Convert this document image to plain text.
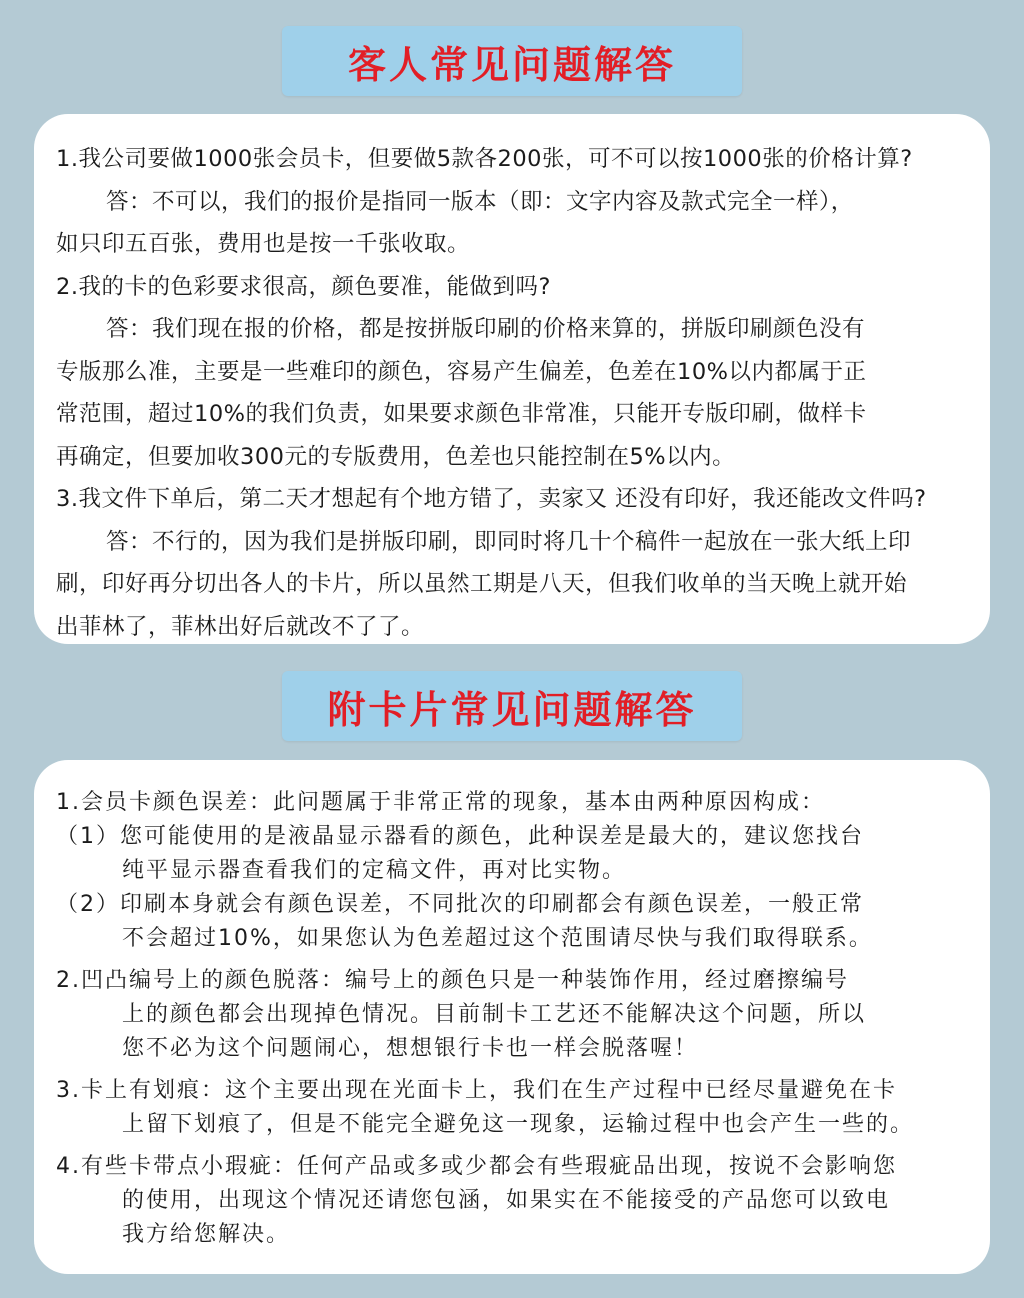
客人常见问题解答
1.我公司要做1000张会员卡，但要做5款各200张，可不可以按1000张的价格计算?
答：不可以，我们的报价是指同一版本（即：文字内容及款式完全一样），
如只印五百张，费用也是按一千张收取。
2.我的卡的色彩要求很高，颜色要准，能做到吗?
答：我们现在报的价格，都是按拼版印刷的价格来算的，拼版印刷颜色没有
专版那么准，主要是一些难印的颜色，容易产生偏差，色差在10%以内都属于正
常范围，超过10%的我们负责，如果要求颜色非常准，只能开专版印刷，做样卡
再确定，但要加收300元的专版费用，色差也只能控制在5%以内。
3.我文件下单后，第二天才想起有个地方错了，卖家又 还没有印好，我还能改文件吗?
答：不行的，因为我们是拼版印刷，即同时将几十个稿件一起放在一张大纸上印
刷，印好再分切出各人的卡片，所以虽然工期是八天，但我们收单的当天晚上就开始
出菲林了，菲林出好后就改不了了。
附卡片常见问题解答
1.会员卡颜色误差：此问题属于非常正常的现象，基本由两种原因构成：
（1）您可能使用的是液晶显示器看的颜色，此种误差是最大的，建议您找台
纯平显示器查看我们的定稿文件，再对比实物。
（2）印刷本身就会有颜色误差，不同批次的印刷都会有颜色误差，一般正常
不会超过10%，如果您认为色差超过这个范围请尽快与我们取得联系。
2.凹凸编号上的颜色脱落：编号上的颜色只是一种装饰作用，经过磨擦编号
上的颜色都会出现掉色情况。目前制卡工艺还不能解决这个问题，所以
您不必为这个问题闹心，想想银行卡也一样会脱落喔！
3.卡上有划痕：这个主要出现在光面卡上，我们在生产过程中已经尽量避免在卡
上留下划痕了，但是不能完全避免这一现象，运输过程中也会产生一些的。
4.有些卡带点小瑕疵：任何产品或多或少都会有些瑕疵品出现，按说不会影响您
的使用，出现这个情况还请您包涵，如果实在不能接受的产品您可以致电
我方给您解决。
